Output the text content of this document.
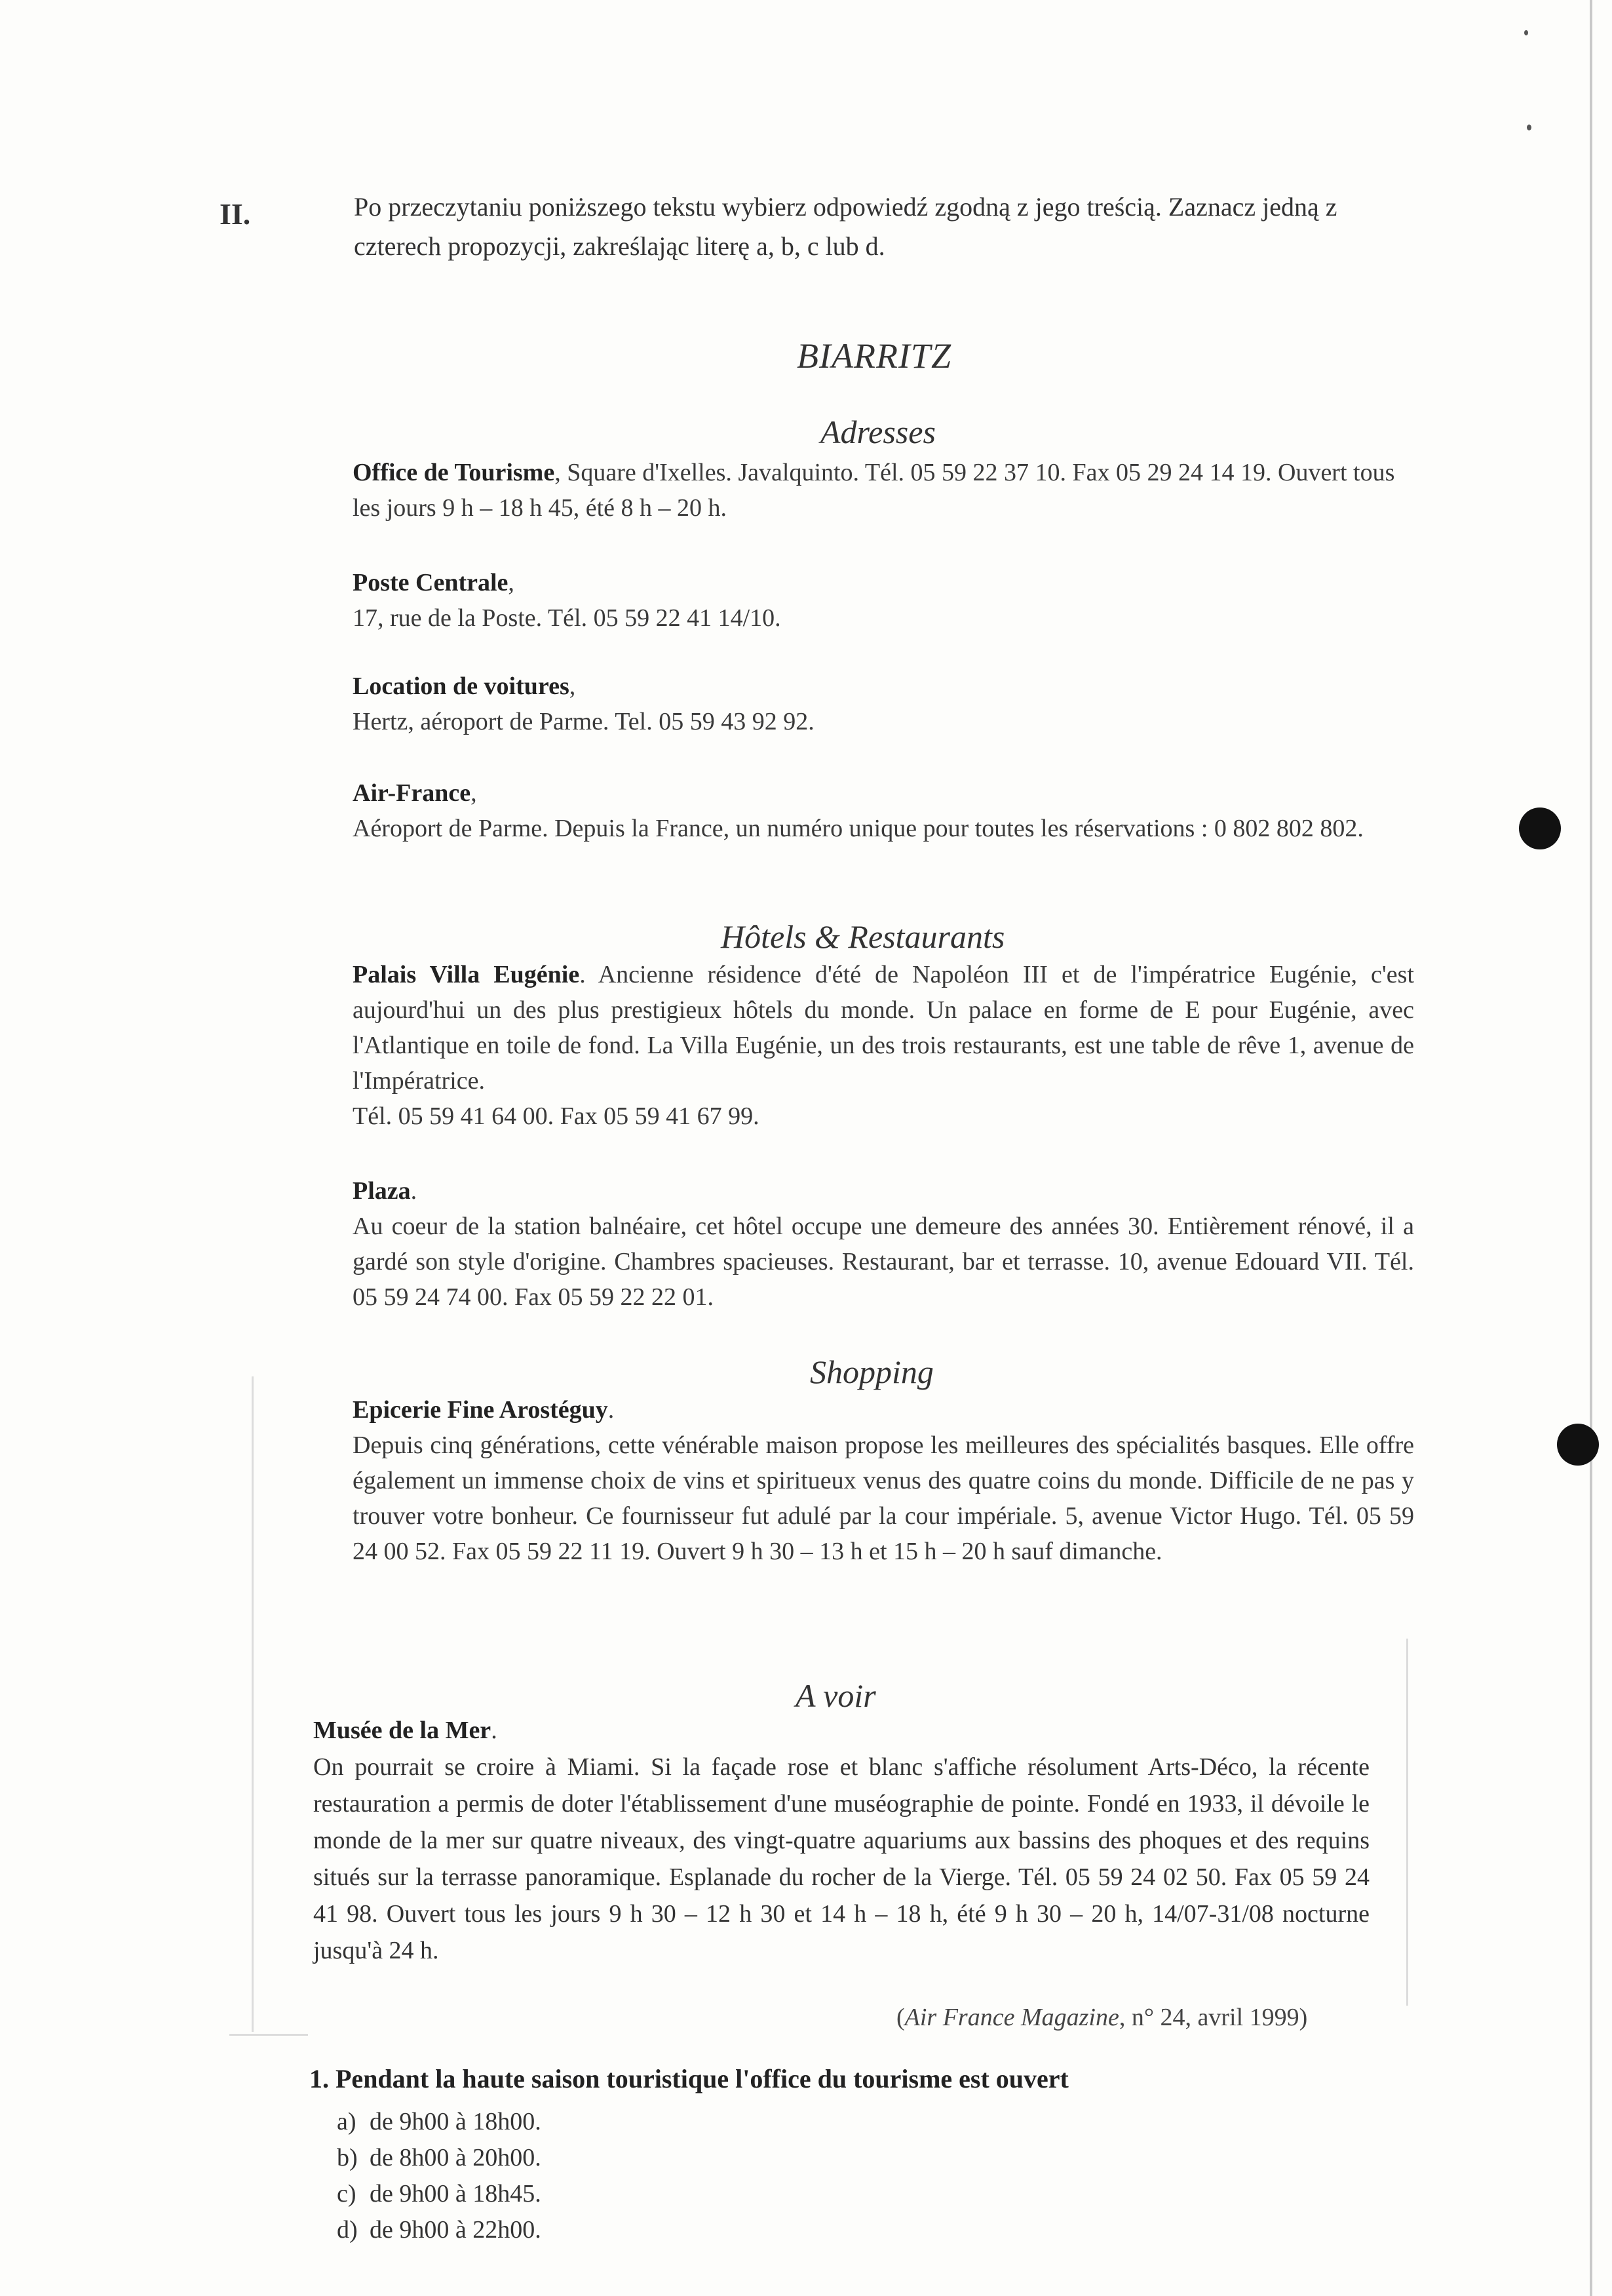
II.	Po przeczytaniu poniższego tekstu wybierz odpowiedź zgodną z jego treścią. Zaznacz jedną z czterech propozycji, zakreślając literę a, b, c lub d.
BIARRITZ
Adresses
Office de Tourisme, Square d'Ixelles. Javalquinto. Tél. 05 59 22 37 10. Fax 05 29 24 14 19. Ouvert tous les jours 9 h – 18 h 45, été 8 h – 20 h.
Poste Centrale,
17, rue de la Poste. Tél. 05 59 22 41 14/10.
Location de voitures,
Hertz, aéroport de Parme. Tel. 05 59 43 92 92.
Air-France,
Aéroport de Parme. Depuis la France, un numéro unique pour toutes les réservations : 0 802 802 802.
Hôtels & Restaurants
Palais Villa Eugénie. Ancienne résidence d'été de Napoléon III et de l'impératrice Eugénie, c'est aujourd'hui un des plus prestigieux hôtels du monde. Un palace en forme de E pour Eugénie, avec l'Atlantique en toile de fond. La Villa Eugénie, un des trois restaurants, est une table de rêve 1, avenue de l'Impératrice.
Tél. 05 59 41 64 00. Fax 05 59 41 67 99.
Plaza.
Au coeur de la station balnéaire, cet hôtel occupe une demeure des années 30. Entièrement rénové, il a gardé son style d'origine. Chambres spacieuses. Restaurant, bar et terrasse. 10, avenue Edouard VII. Tél. 05 59 24 74 00. Fax 05 59 22 22 01.
Shopping
Epicerie Fine Arostéguy.
Depuis cinq générations, cette vénérable maison propose les meilleures des spécialités basques. Elle offre également un immense choix de vins et spiritueux venus des quatre coins du monde. Difficile de ne pas y trouver votre bonheur. Ce fournisseur fut adulé par la cour impériale. 5, avenue Victor Hugo. Tél. 05 59 24 00 52. Fax 05 59 22 11 19. Ouvert 9 h 30 – 13 h et 15 h – 20 h sauf dimanche.
A voir
Musée de la Mer.
On pourrait se croire à Miami. Si la façade rose et blanc s'affiche résolument Arts-Déco, la récente restauration a permis de doter l'établissement d'une muséographie de pointe. Fondé en 1933, il dévoile le monde de la mer sur quatre niveaux, des vingt-quatre aquariums aux bassins des phoques et des requins situés sur la terrasse panoramique. Esplanade du rocher de la Vierge. Tél. 05 59 24 02 50. Fax 05 59 24 41 98. Ouvert tous les jours 9 h 30 – 12 h 30 et 14 h – 18 h, été 9 h 30 – 20 h, 14/07-31/08 nocturne jusqu'à 24 h.
(Air France Magazine, n° 24, avril 1999)
1. Pendant la haute saison touristique l'office du tourisme est ouvert
a) de 9h00 à 18h00.
b) de 8h00 à 20h00.
c) de 9h00 à 18h45.
d) de 9h00 à 22h00.
